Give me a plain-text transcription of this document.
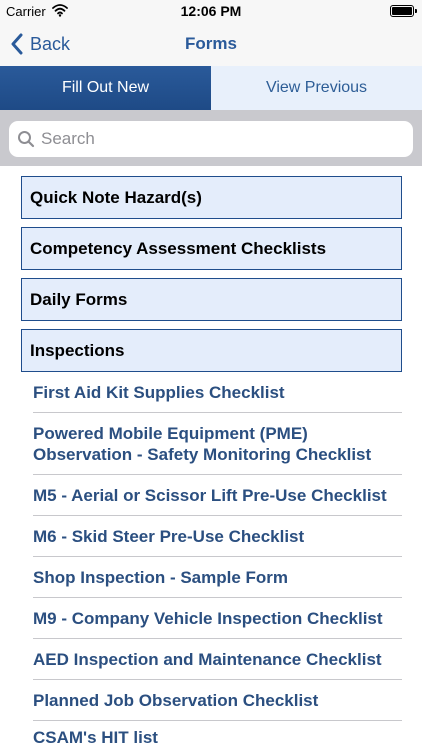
Carrier	12:06 PM
Back	Forms
Fill Out New	View Previous
Search
Quick Note Hazard(s)
Competency Assessment Checklists
Daily Forms
Inspections
First Aid Kit Supplies Checklist
Powered Mobile Equipment (PME) Observation - Safety Monitoring Checklist
M5 - Aerial or Scissor Lift Pre-Use Checklist
M6 - Skid Steer Pre-Use Checklist
Shop Inspection - Sample Form
M9 - Company Vehicle Inspection Checklist
AED Inspection and Maintenance Checklist
Planned Job Observation Checklist
CSAM's HIT list
